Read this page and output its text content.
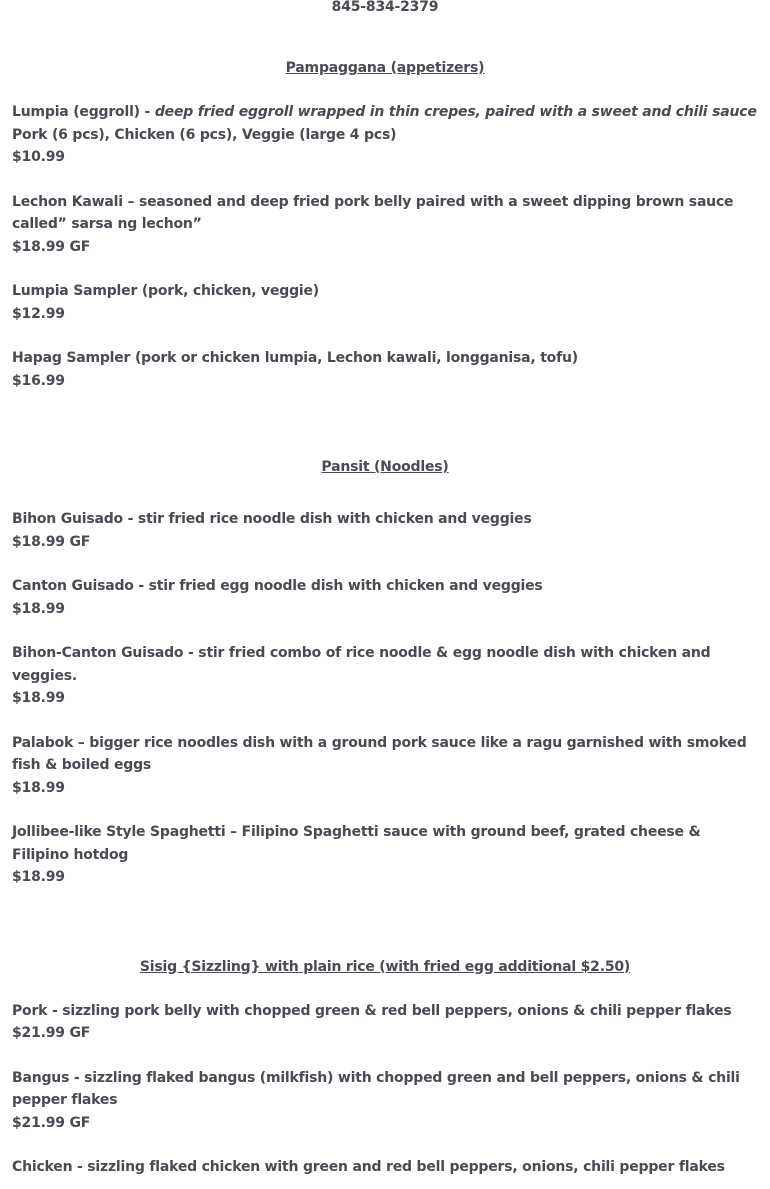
845-834-2379
Pampaggana (appetizers)

Lumpia (eggroll) - deep fried eggroll wrapped in thin crepes, paired with a sweet and chili sauce Pork (6 pcs), Chicken (6 pcs), Veggie (large 4 pcs)

$10.99

Lechon Kawali – seasoned and deep fried pork belly paired with a sweet dipping brown sauce called” sarsa ng lechon”

$18.99 GF

Lumpia Sampler (pork, chicken, veggie)

$12.99

Hapag Sampler (pork or chicken lumpia, Lechon kawali, longganisa, tofu)

$16.99

Pansit (Noodles)

Bihon Guisado - stir fried rice noodle dish with chicken and veggies

$18.99 GF

Canton Guisado - stir fried egg noodle dish with chicken and veggies

$18.99

Bihon-Canton Guisado - stir fried combo of rice noodle & egg noodle dish with chicken and veggies.

$18.99

Palabok – bigger rice noodles dish with a ground pork sauce like a ragu garnished with smoked fish & boiled eggs

$18.99

Jollibee-like Style Spaghetti – Filipino Spaghetti sauce with ground beef, grated cheese & Filipino hotdog

$18.99

Sisig {Sizzling} with plain rice (with fried egg additional $2.50)

Pork - sizzling pork belly with chopped green & red bell peppers, onions & chili pepper flakes

$21.99 GF

Bangus - sizzling flaked bangus (milkfish) with chopped green and bell peppers, onions & chili pepper flakes

$21.99 GF

Chicken - sizzling flaked chicken with green and red bell peppers, onions, chili pepper flakes
